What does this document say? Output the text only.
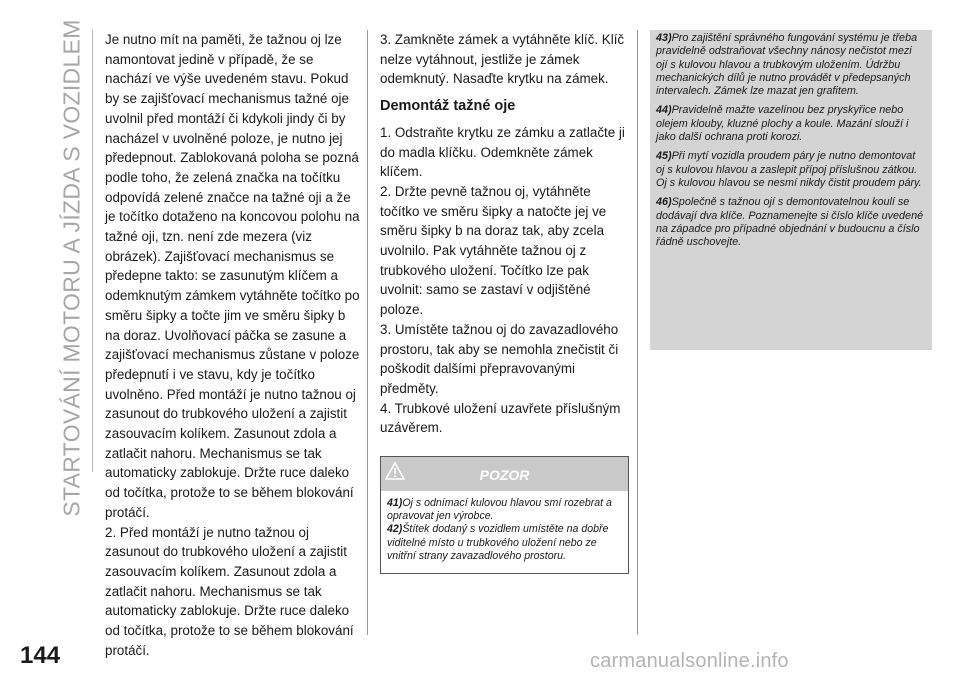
STARTOVÁNÍ MOTORU A JÍZDA S VOZIDLEM Je nutno mít na paměti, že tažnou oj lze namontovat jedině v případě, že se nachází ve výše uvedeném stavu. Pokud by se zajišťovací mechanismus tažné oje uvolnil před montáží či kdykoli jindy či by nacházel v uvolněné poloze, je nutno jej předepnout. Zablokovaná poloha se pozná podle toho, že zelená značka na točítku odpovídá zelené značce na tažné oji a že je točítko dotaženo na koncovou polohu na tažné oji, tzn. není zde mezera (viz obrázek). Zajišťovací mechanismus se předepne takto: se zasunutým klíčem a odemknutým zámkem vytáhněte točítko po směru šipky a točte jim ve směru šipky b na doraz. Uvolňovací páčka se zasune a zajišťovací mechanismus zůstane v poloze předepnutí i ve stavu, kdy je točítko uvolněno. Před montáží je nutno tažnou oj zasunout do trubkového uložení a zajistit zasouvacím kolíkem. Zasunout zdola a zatlačit nahoru. Mechanismus se tak automaticky zablokuje. Držte ruce daleko od točítka, protože to se během blokování protáčí.

2. Před montáží je nutno tažnou oj zasunout do trubkového uložení a zajistit zasouvacím kolíkem. Zasunout zdola a zatlačit nahoru. Mechanismus se tak automaticky zablokuje. Držte ruce daleko od točítka, protože to se během blokování protáčí.

3. Zamkněte zámek a vytáhněte klíč. Klíč nelze vytáhnout, jestliže je zámek odemknutý. Nasaďte krytku na zámek.

Demontáž tažné oje

1. Odstraňte krytku ze zámku a zatlačte ji do madla klíčku. Odemkněte zámek klíčem.

2. Držte pevně tažnou oj, vytáhněte točítko ve směru šipky a natočte jej ve směru šipky b na doraz tak, aby zcela uvolnilo. Pak vytáhněte tažnou oj z trubkového uložení. Točítko lze pak uvolnit: samo se zastaví v odjištěné poloze.

3. Umístěte tažnou oj do zavazadlového prostoru, tak aby se nemohla znečistit či poškodit dalšími přepravovanými předměty.

4. Trubkové uložení uzavřete příslušným uzávěrem.

POZOR

41)Oj s odnímací kulovou hlavou smí rozebrat a opravovat jen výrobce.

42)Štítek dodaný s vozidlem umístěte na dobře viditelné místo u trubkového uložení nebo ze vnitřní strany zavazadlového prostoru.

43)Pro zajištění správného fungování systému je třeba pravidelně odstraňovat všechny nánosy nečistot mezi ojí s kulovou hlavou a trubkovým uložením. Údržbu mechanických dílů je nutno provádět v předepsaných intervalech. Zámek lze mazat jen grafitem.

44)Pravidelně mažte vazelínou bez pryskyřice nebo olejem klouby, kluzné plochy a koule. Mazání slouží i jako další ochrana proti korozi.

45)Při mytí vozidla proudem páry je nutno demontovat oj s kulovou hlavou a zaslepit přípoj příslušnou zátkou. Oj s kulovou hlavou se nesmí nikdy čistit proudem páry.

46)Společně s tažnou ojí s demontovatelnou koulí se dodávají dva klíče. Poznamenejte si číslo klíče uvedené na západce pro případné objednání v budoucnu a číslo řádně uschovejte.

144	carmanualsonline.info
